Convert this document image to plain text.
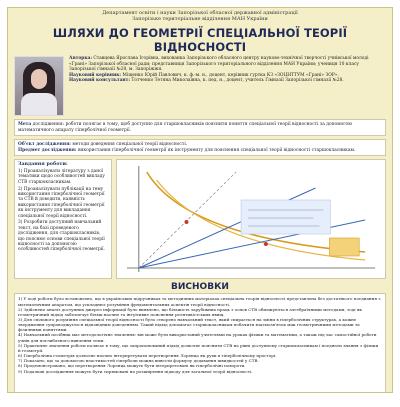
Департамент освіти і науки Запорізької обласної державної адміністрації
Запорізьке територіальне відділення МАН України
ШЛЯХИ ДО ГЕОМЕТРІЇ СПЕЦІАЛЬНОЇ ТЕОРІЇ ВІДНОСНОСТІ
Авторка: Ставцева Ярослава Ігорівна, вихованка Запорізького обласного центру науково-технічної творчості учнівської молоді «Грані» Запорізької обласної ради; представниця Запорізького територіального відділення МАН України; учениця 10 класу Запорізької гімназії №28, м. Запоріжжя.
Науковий керівник: Міщенко Юрій Павлович, к. ф.-м. н., доцент, керівник гуртка КЗ «ЗОЦНТТУМ «Грані» ЗОР».
Науковий консультант: Тотченко Тетяна Миколаївна, к. пед. н., доцент, учитель Гімназії Запорізької гімназії №28.
Мета дослідження: роботи полягає в тому, щоб доступно для старшокласників пояснити поняття спеціальної теорії відносності за допомогою математичного апарату гіперболічної геометрії.
Об'єкт дослідження: методи доведення спеціальної теорії відносності.
Предмет дослідження: використання гіперболічної геометрії як інструменту для пояснення спеціальної теорії відносності старшокласникам.
Завдання роботи:

1) Проаналізувати літературу з даної тематики щодо особливостей викладу СТВ старшокласникам.

2) Проаналізувати публікації на тему використання гіперболічної геометрії та СТВ й доводити, наявність використання гіперболічної геометрії як інструменту для викладання спеціальної теорії відносності.

3) Розробити доступний навчальний текст, на базі проведеного дослідження, для старшокласників, що пояснює основи спеціальної теорії відносності за допомогою особливостей гіперболічної геометрії.

ВИСНОВКИ

1) У ході роботи було встановлено, що в українських підручниках та методичних матеріалах спеціальна теорія відносності представлена без достатнього поєднання з математичним апаратом, що ускладнює розуміння фундаментальних аспектів теорії відносності.

2) Здійснено аналіз доступних джерел інформації було виявлено, що більшість зарубіжних праць з основ СТВ обмежуються алгебраїчними методами, тоді як геометричний підхід забезпечує більш наочне та інтуїтивне пояснення релятивістських явищ.

3) Для спільного розуміння спеціальної теорії відносності було створено навчальний текст, який спирається на зміни в гіперболічних структурах, а кожне твердження супроводжується відповідним доведенням. Такий підхід допомагає старшокласникам побачити взаємозв'язок між геометричними методами та фізичними поняттями.

4) Навчальний посібник має методологічне значення: він може бути використаний учителями на уроках фізики та математики, а також під час самостійної роботи учнів для поглибленого вивчення теми.

5) Практичне значення роботи полягає в тому, що запропонований підхід дозволяє пояснити СТВ на рівні доступному старшокласникам і поєднати знання з фізики й геометрії.

6) Гіперболічна геометрія дозволяє наочно інтерпретувати перетворення Лоренца як рухи в гіперболічному просторі.

7) Показано, що за допомогою властивостей гіперболи можна вивести формулу додавання швидкостей у СТВ.

8) Продемонстровано, що перетворення Лоренца можуть бути інтерпретовані як гіперболічні повороти.

9) Подальші дослідження можуть бути спрямовані на розширення підходу для загальної теорії відносності.
